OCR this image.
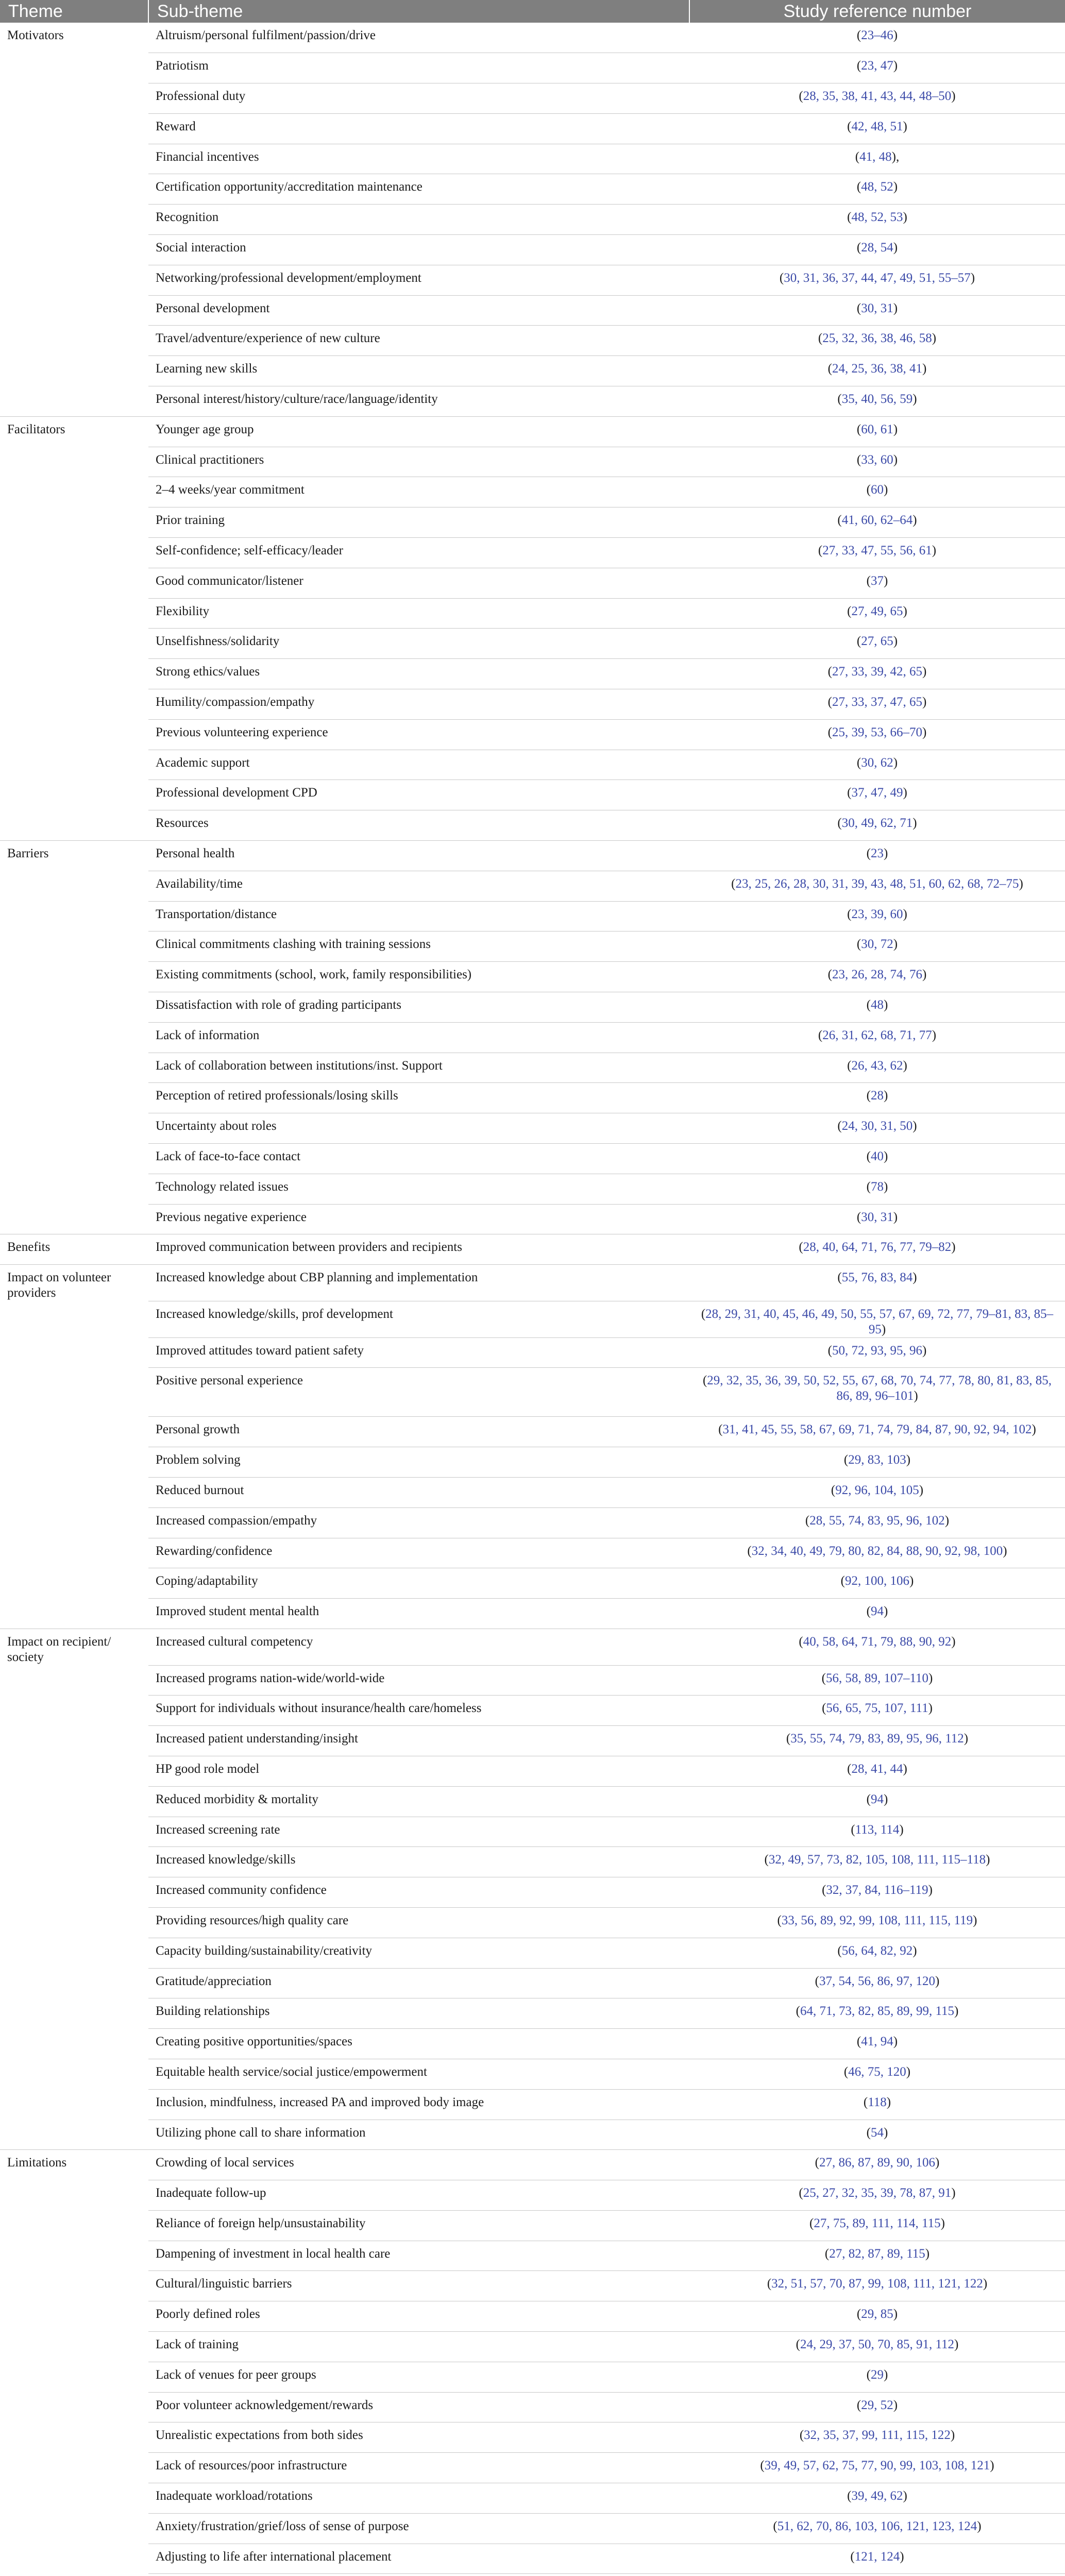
Theme	Sub-theme	Study reference number
Motivators	Altruism/personal fulfilment/passion/drive	(23–46)
	Patriotism	(23, 47)
	Professional duty	(28, 35, 38, 41, 43, 44, 48–50)
	Reward	(42, 48, 51)
	Financial incentives	(41, 48),
	Certification opportunity/accreditation maintenance	(48, 52)
	Recognition	(48, 52, 53)
	Social interaction	(28, 54)
	Networking/professional development/employment	(30, 31, 36, 37, 44, 47, 49, 51, 55–57)
	Personal development	(30, 31)
	Travel/adventure/experience of new culture	(25, 32, 36, 38, 46, 58)
	Learning new skills	(24, 25, 36, 38, 41)
	Personal interest/history/culture/race/language/identity	(35, 40, 56, 59)
Facilitators	Younger age group	(60, 61)
	Clinical practitioners	(33, 60)
	2–4 weeks/year commitment	(60)
	Prior training	(41, 60, 62–64)
	Self-confidence; self-efficacy/leader	(27, 33, 47, 55, 56, 61)
	Good communicator/listener	(37)
	Flexibility	(27, 49, 65)
	Unselfishness/solidarity	(27, 65)
	Strong ethics/values	(27, 33, 39, 42, 65)
	Humility/compassion/empathy	(27, 33, 37, 47, 65)
	Previous volunteering experience	(25, 39, 53, 66–70)
	Academic support	(30, 62)
	Professional development CPD	(37, 47, 49)
	Resources	(30, 49, 62, 71)
Barriers	Personal health	(23)
	Availability/time	(23, 25, 26, 28, 30, 31, 39, 43, 48, 51, 60, 62, 68, 72–75)
	Transportation/distance	(23, 39, 60)
	Clinical commitments clashing with training sessions	(30, 72)
	Existing commitments (school, work, family responsibilities)	(23, 26, 28, 74, 76)
	Dissatisfaction with role of grading participants	(48)
	Lack of information	(26, 31, 62, 68, 71, 77)
	Lack of collaboration between institutions/inst. Support	(26, 43, 62)
	Perception of retired professionals/losing skills	(28)
	Uncertainty about roles	(24, 30, 31, 50)
	Lack of face-to-face contact	(40)
	Technology related issues	(78)
	Previous negative experience	(30, 31)
Benefits	Improved communication between providers and recipients	(28, 40, 64, 71, 76, 77, 79–82)
Impact on volunteer providers	Increased knowledge about CBP planning and implementation	(55, 76, 83, 84)
	Increased knowledge/skills, prof development	(28, 29, 31, 40, 45, 46, 49, 50, 55, 57, 67, 69, 72, 77, 79–81, 83, 85–95)
	Improved attitudes toward patient safety	(50, 72, 93, 95, 96)
	Positive personal experience	(29, 32, 35, 36, 39, 50, 52, 55, 67, 68, 70, 74, 77, 78, 80, 81, 83, 85, 86, 89, 96–101)
	Personal growth	(31, 41, 45, 55, 58, 67, 69, 71, 74, 79, 84, 87, 90, 92, 94, 102)
	Problem solving	(29, 83, 103)
	Reduced burnout	(92, 96, 104, 105)
	Increased compassion/empathy	(28, 55, 74, 83, 95, 96, 102)
	Rewarding/confidence	(32, 34, 40, 49, 79, 80, 82, 84, 88, 90, 92, 98, 100)
	Coping/adaptability	(92, 100, 106)
	Improved student mental health	(94)
Impact on recipient/ society	Increased cultural competency	(40, 58, 64, 71, 79, 88, 90, 92)
	Increased programs nation-wide/world-wide	(56, 58, 89, 107–110)
	Support for individuals without insurance/health care/homeless	(56, 65, 75, 107, 111)
	Increased patient understanding/insight	(35, 55, 74, 79, 83, 89, 95, 96, 112)
	HP good role model	(28, 41, 44)
	Reduced morbidity & mortality	(94)
	Increased screening rate	(113, 114)
	Increased knowledge/skills	(32, 49, 57, 73, 82, 105, 108, 111, 115–118)
	Increased community confidence	(32, 37, 84, 116–119)
	Providing resources/high quality care	(33, 56, 89, 92, 99, 108, 111, 115, 119)
	Capacity building/sustainability/creativity	(56, 64, 82, 92)
	Gratitude/appreciation	(37, 54, 56, 86, 97, 120)
	Building relationships	(64, 71, 73, 82, 85, 89, 99, 115)
	Creating positive opportunities/spaces	(41, 94)
	Equitable health service/social justice/empowerment	(46, 75, 120)
	Inclusion, mindfulness, increased PA and improved body image	(118)
	Utilizing phone call to share information	(54)
Limitations	Crowding of local services	(27, 86, 87, 89, 90, 106)
	Inadequate follow-up	(25, 27, 32, 35, 39, 78, 87, 91)
	Reliance of foreign help/unsustainability	(27, 75, 89, 111, 114, 115)
	Dampening of investment in local health care	(27, 82, 87, 89, 115)
	Cultural/linguistic barriers	(32, 51, 57, 70, 87, 99, 108, 111, 121, 122)
	Poorly defined roles	(29, 85)
	Lack of training	(24, 29, 37, 50, 70, 85, 91, 112)
	Lack of venues for peer groups	(29)
	Poor volunteer acknowledgement/rewards	(29, 52)
	Unrealistic expectations from both sides	(32, 35, 37, 99, 111, 115, 122)
	Lack of resources/poor infrastructure	(39, 49, 57, 62, 75, 77, 90, 99, 103, 108, 121)
	Inadequate workload/rotations	(39, 49, 62)
	Anxiety/frustration/grief/loss of sense of purpose	(51, 62, 70, 86, 103, 106, 121, 123, 124)
	Adjusting to life after international placement	(121, 124)
